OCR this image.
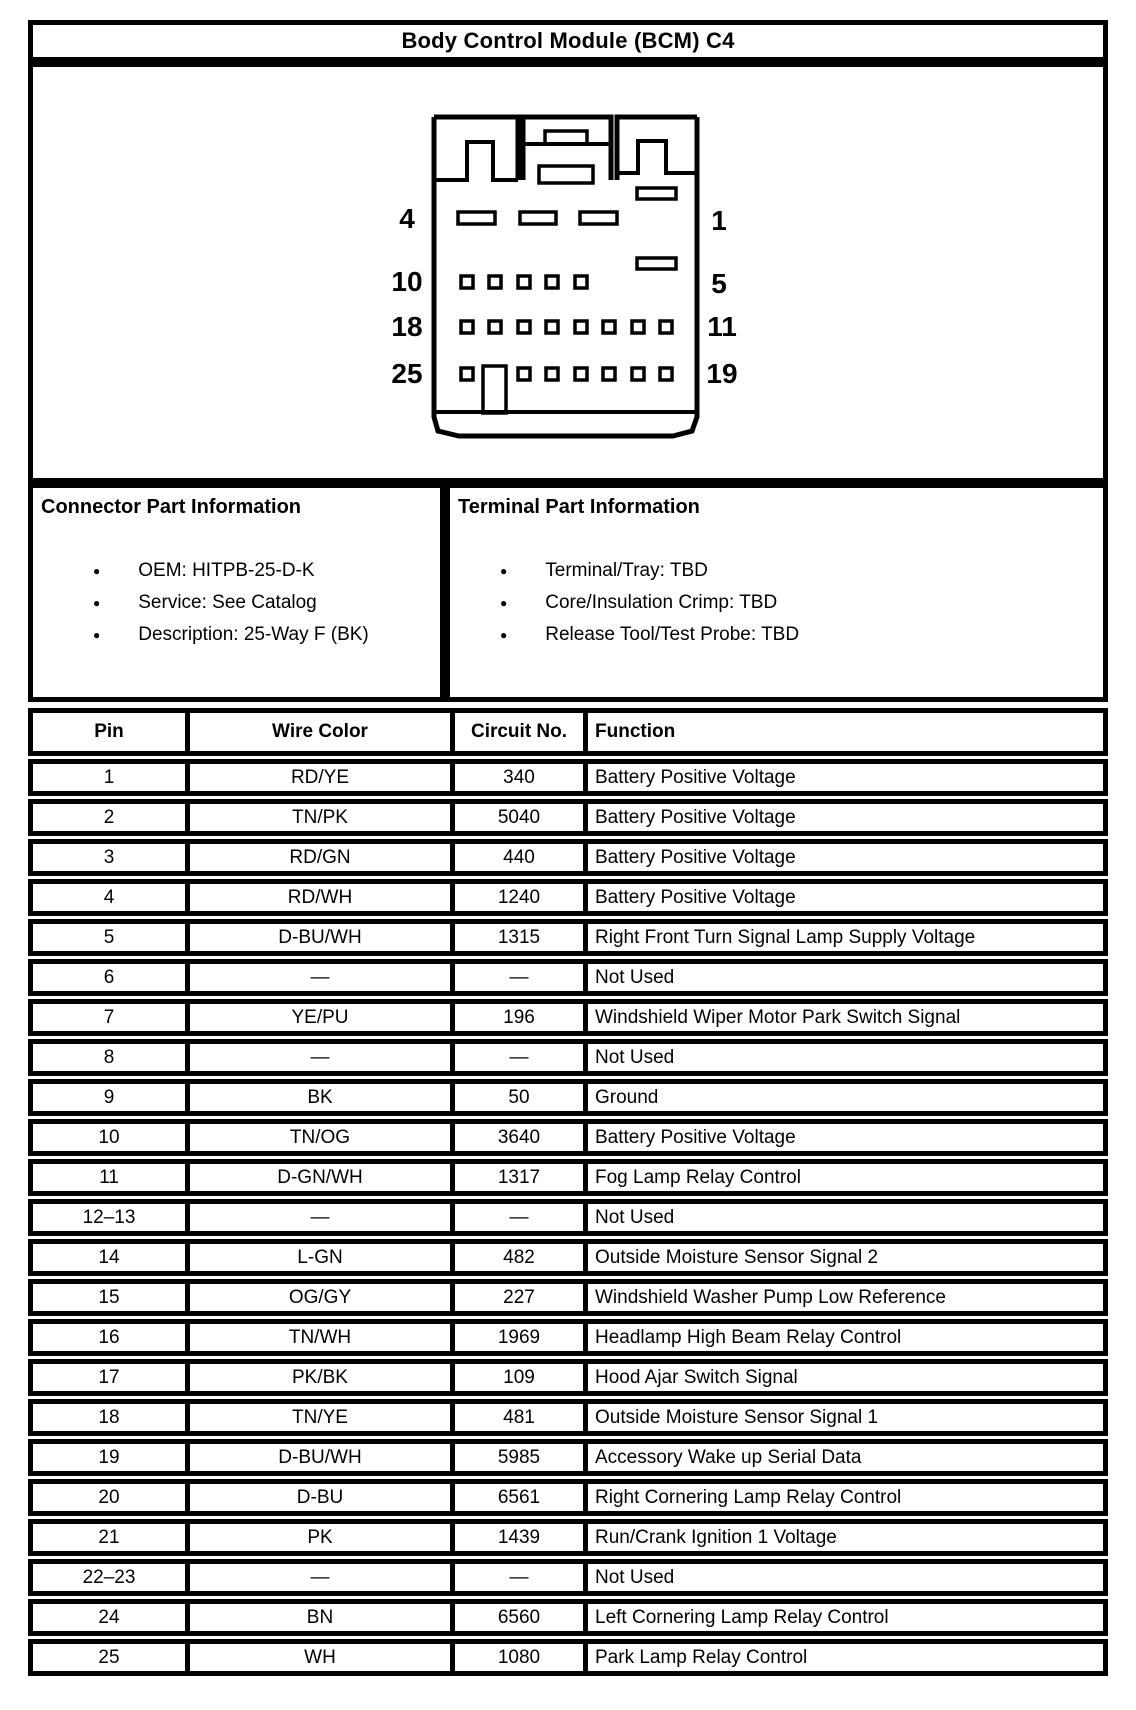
Body Control Module (BCM) C4
4
10
18
25
1
5
11
19
Connector Part Information
● OEM: HITPB-25-D-K
● Service: See Catalog
● Description: 25-Way F (BK)
Terminal Part Information
● Terminal/Tray: TBD
● Core/Insulation Crimp: TBD
● Release Tool/Test Probe: TBD
Pin	Wire Color	Circuit No.	Function
1	RD/YE	340	Battery Positive Voltage
2	TN/PK	5040	Battery Positive Voltage
3	RD/GN	440	Battery Positive Voltage
4	RD/WH	1240	Battery Positive Voltage
5	D-BU/WH	1315	Right Front Turn Signal Lamp Supply Voltage
6	—	—	Not Used
7	YE/PU	196	Windshield Wiper Motor Park Switch Signal
8	—	—	Not Used
9	BK	50	Ground
10	TN/OG	3640	Battery Positive Voltage
11	D-GN/WH	1317	Fog Lamp Relay Control
12–13	—	—	Not Used
14	L-GN	482	Outside Moisture Sensor Signal 2
15	OG/GY	227	Windshield Washer Pump Low Reference
16	TN/WH	1969	Headlamp High Beam Relay Control
17	PK/BK	109	Hood Ajar Switch Signal
18	TN/YE	481	Outside Moisture Sensor Signal 1
19	D-BU/WH	5985	Accessory Wake up Serial Data
20	D-BU	6561	Right Cornering Lamp Relay Control
21	PK	1439	Run/Crank Ignition 1 Voltage
22–23	—	—	Not Used
24	BN	6560	Left Cornering Lamp Relay Control
25	WH	1080	Park Lamp Relay Control
